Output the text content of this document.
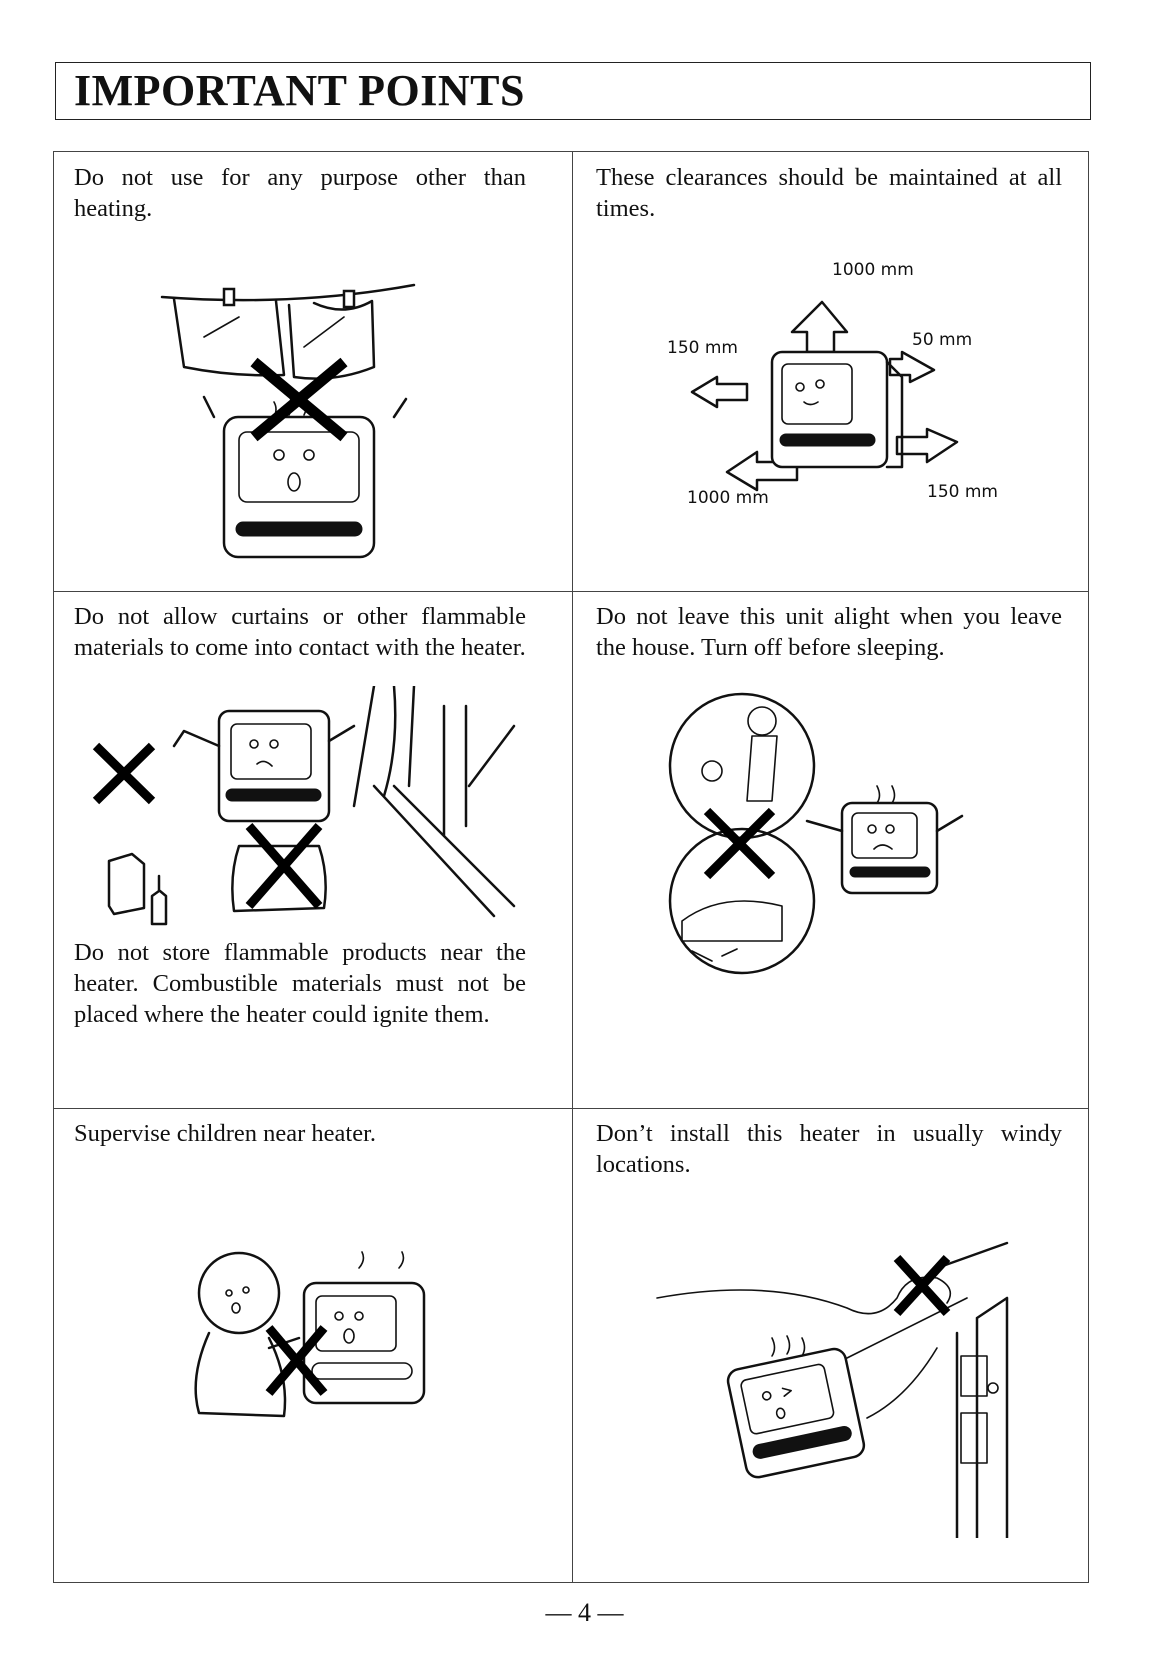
IMPORTANT POINTS
Do not use for any purpose other than heating.
These clearances should be maintained at all times.
1000 mm
150 mm	50 mm
1000 mm	150 mm
Do not allow curtains or other flammable materials to come into contact with the heater.
Do not store flammable products near the heater. Combustible materials must not be placed where the heater could ignite them.
Do not leave this unit alight when you leave the house. Turn off before sleeping.
Supervise children near heater.	Don’t install this heater in usually windy locations.
— 4 —
